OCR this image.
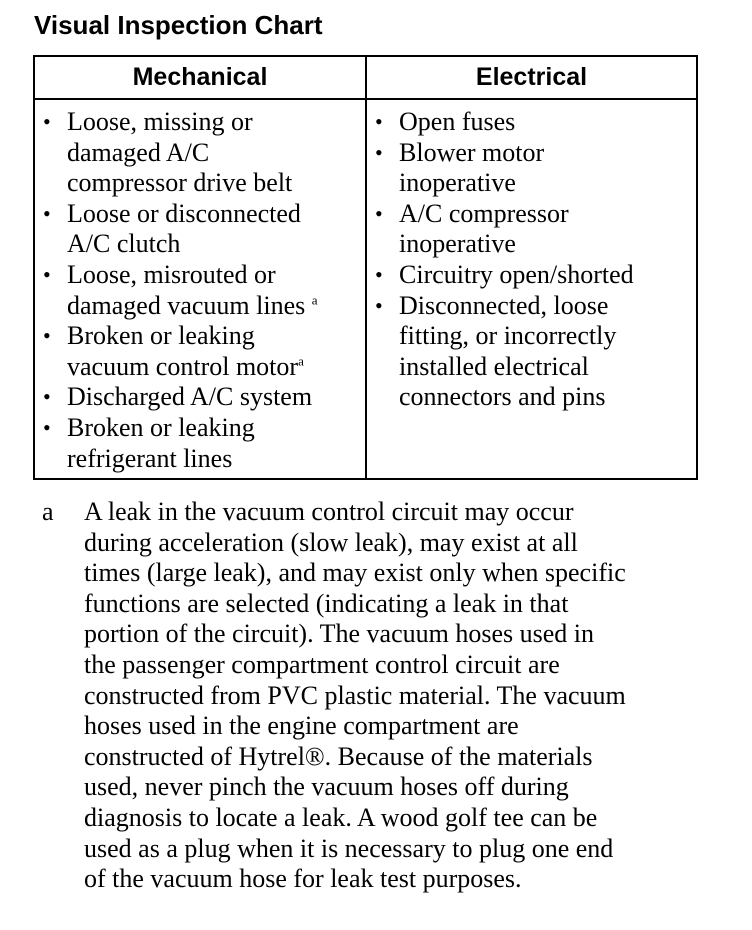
Visual Inspection Chart
Mechanical	Electrical
• Loose, missing or
damaged A/C
compressor drive belt
• Loose or disconnected
A/C clutch
• Loose, misrouted or
damaged vacuum lines $^a$
• Broken or leaking
vacuum control motor$^a$
• Discharged A/C system
• Broken or leaking
refrigerant lines
• Open fuses
• Blower motor
inoperative
• A/C compressor
inoperative
• Circuitry open/shorted
• Disconnected, loose
fitting, or incorrectly
installed electrical
connectors and pins
a	A leak in the vacuum control circuit may occur
during acceleration (slow leak), may exist at all
times (large leak), and may exist only when specific
functions are selected (indicating a leak in that
portion of the circuit). The vacuum hoses used in
the passenger compartment control circuit are
constructed from PVC plastic material. The vacuum
hoses used in the engine compartment are
constructed of Hytrel®. Because of the materials
used, never pinch the vacuum hoses off during
diagnosis to locate a leak. A wood golf tee can be
used as a plug when it is necessary to plug one end
of the vacuum hose for leak test purposes.
